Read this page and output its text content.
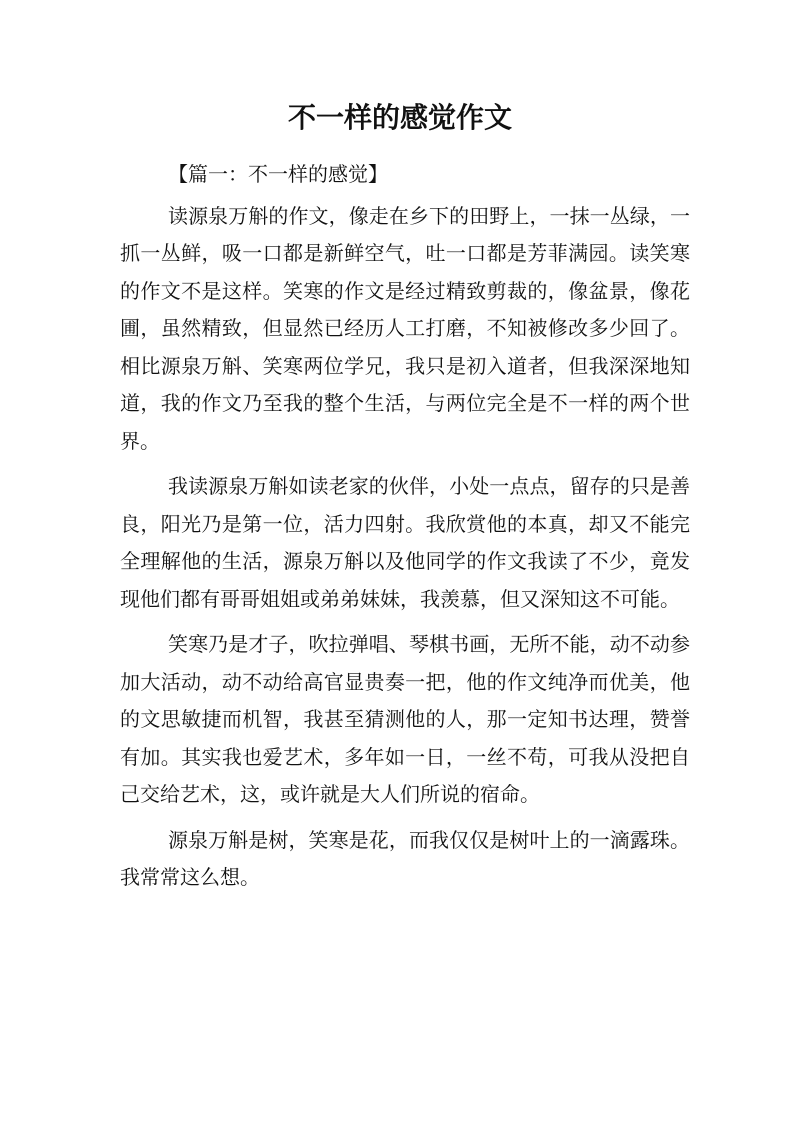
不一样的感觉作文

【篇一：不一样的感觉】

读源泉万斛的作文，像走在乡下的田野上，一抹一丛绿，一抓一丛鲜，吸一口都是新鲜空气，吐一口都是芳菲满园。读笑寒的作文不是这样。笑寒的作文是经过精致剪裁的，像盆景，像花圃，虽然精致，但显然已经历人工打磨，不知被修改多少回了。相比源泉万斛、笑寒两位学兄，我只是初入道者，但我深深地知道，我的作文乃至我的整个生活，与两位完全是不一样的两个世界。

我读源泉万斛如读老家的伙伴，小处一点点，留存的只是善良，阳光乃是第一位，活力四射。我欣赏他的本真，却又不能完全理解他的生活，源泉万斛以及他同学的作文我读了不少，竟发现他们都有哥哥姐姐或弟弟妹妹，我羡慕，但又深知这不可能。

笑寒乃是才子，吹拉弹唱、琴棋书画，无所不能，动不动参加大活动，动不动给高官显贵奏一把，他的作文纯净而优美，他的文思敏捷而机智，我甚至猜测他的人，那一定知书达理，赞誉有加。其实我也爱艺术，多年如一日，一丝不苟，可我从没把自己交给艺术，这，或许就是大人们所说的宿命。

源泉万斛是树，笑寒是花，而我仅仅是树叶上的一滴露珠。我常常这么想。
